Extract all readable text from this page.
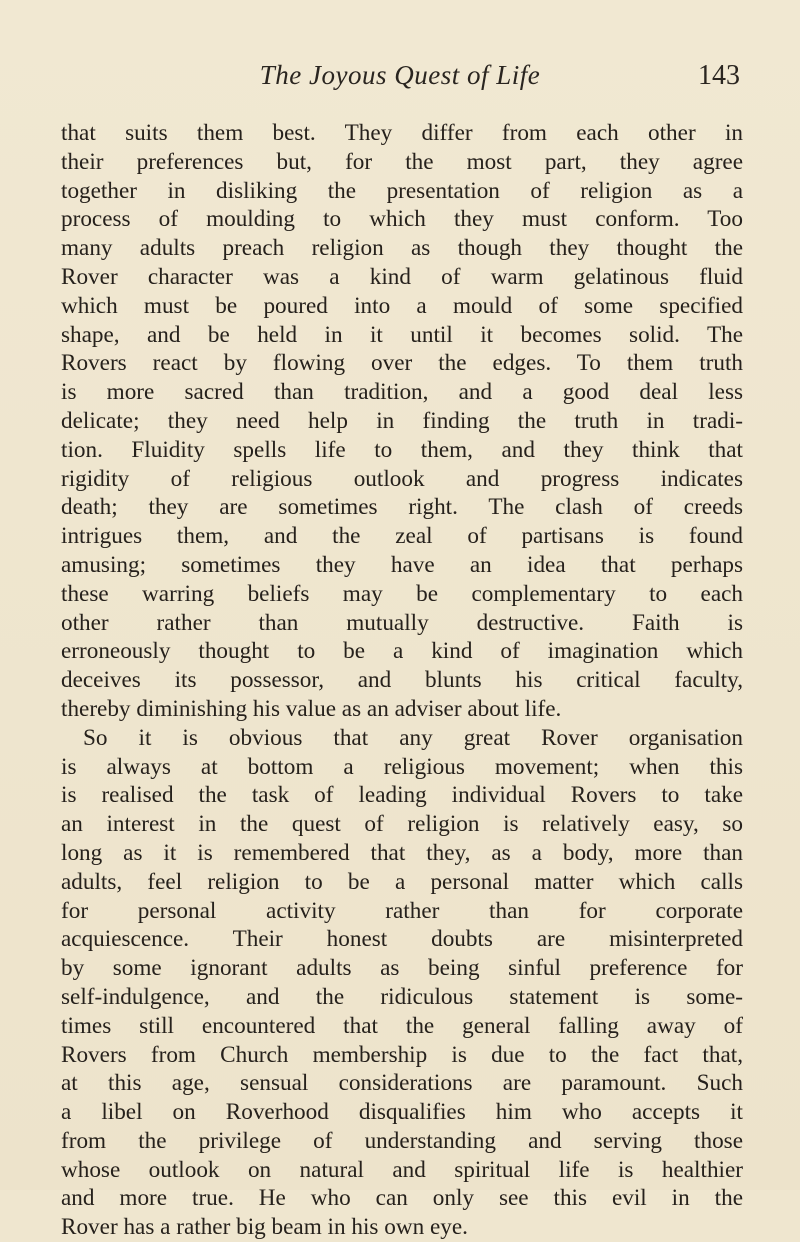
The Joyous Quest of Life	143
that suits them best. They differ from each other in
their preferences but, for the most part, they agree
together in disliking the presentation of religion as a
process of moulding to which they must conform. Too
many adults preach religion as though they thought the
Rover character was a kind of warm gelatinous fluid
which must be poured into a mould of some specified
shape, and be held in it until it becomes solid. The
Rovers react by flowing over the edges. To them truth
is more sacred than tradition, and a good deal less
delicate; they need help in finding the truth in tradi-
tion. Fluidity spells life to them, and they think that
rigidity of religious outlook and progress indicates
death; they are sometimes right. The clash of creeds
intrigues them, and the zeal of partisans is found
amusing; sometimes they have an idea that perhaps
these warring beliefs may be complementary to each
other rather than mutually destructive. Faith is
erroneously thought to be a kind of imagination which
deceives its possessor, and blunts his critical faculty,
thereby diminishing his value as an adviser about life.
So it is obvious that any great Rover organisation
is always at bottom a religious movement; when this
is realised the task of leading individual Rovers to take
an interest in the quest of religion is relatively easy, so
long as it is remembered that they, as a body, more than
adults, feel religion to be a personal matter which calls
for personal activity rather than for corporate
acquiescence. Their honest doubts are misinterpreted
by some ignorant adults as being sinful preference for
self-indulgence, and the ridiculous statement is some-
times still encountered that the general falling away of
Rovers from Church membership is due to the fact that,
at this age, sensual considerations are paramount. Such
a libel on Roverhood disqualifies him who accepts it
from the privilege of understanding and serving those
whose outlook on natural and spiritual life is healthier
and more true. He who can only see this evil in the
Rover has a rather big beam in his own eye.
